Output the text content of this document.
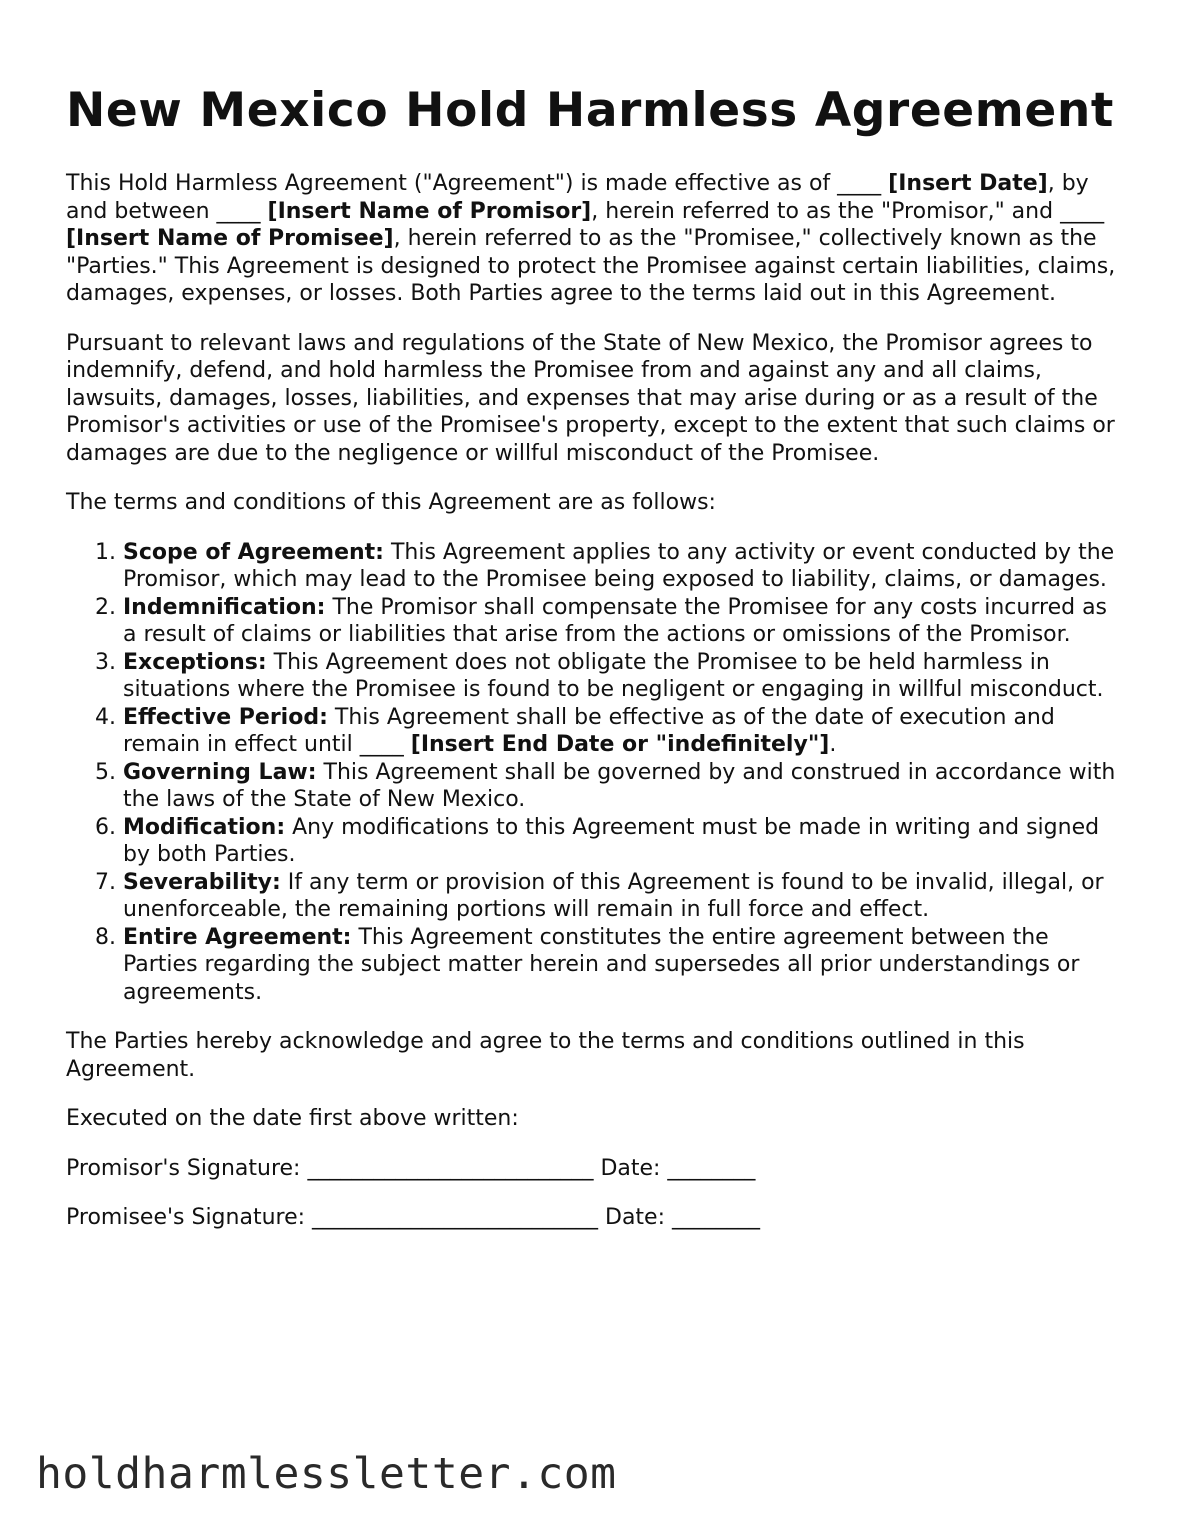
New Mexico Hold Harmless Agreement

This Hold Harmless Agreement ("Agreement") is made effective as of ____ [Insert Date], by and between ____ [Insert Name of Promisor], herein referred to as the "Promisor," and ____ [Insert Name of Promisee], herein referred to as the "Promisee," collectively known as the "Parties." This Agreement is designed to protect the Promisee against certain liabilities, claims, damages, expenses, or losses. Both Parties agree to the terms laid out in this Agreement.

Pursuant to relevant laws and regulations of the State of New Mexico, the Promisor agrees to indemnify, defend, and hold harmless the Promisee from and against any and all claims, lawsuits, damages, losses, liabilities, and expenses that may arise during or as a result of the Promisor's activities or use of the Promisee's property, except to the extent that such claims or damages are due to the negligence or willful misconduct of the Promisee.

The terms and conditions of this Agreement are as follows:

1. Scope of Agreement: This Agreement applies to any activity or event conducted by the Promisor, which may lead to the Promisee being exposed to liability, claims, or damages.
2. Indemnification: The Promisor shall compensate the Promisee for any costs incurred as a result of claims or liabilities that arise from the actions or omissions of the Promisor.
3. Exceptions: This Agreement does not obligate the Promisee to be held harmless in situations where the Promisee is found to be negligent or engaging in willful misconduct.
4. Effective Period: This Agreement shall be effective as of the date of execution and remain in effect until ____ [Insert End Date or "indefinitely"].
5. Governing Law: This Agreement shall be governed by and construed in accordance with the laws of the State of New Mexico.
6. Modification: Any modifications to this Agreement must be made in writing and signed by both Parties.
7. Severability: If any term or provision of this Agreement is found to be invalid, illegal, or unenforceable, the remaining portions will remain in full force and effect.
8. Entire Agreement: This Agreement constitutes the entire agreement between the Parties regarding the subject matter herein and supersedes all prior understandings or agreements.

The Parties hereby acknowledge and agree to the terms and conditions outlined in this Agreement.

Executed on the date first above written:

Promisor's Signature: __________________________ Date: ________

Promisee's Signature: __________________________ Date: ________

holdharmlessletter.com
